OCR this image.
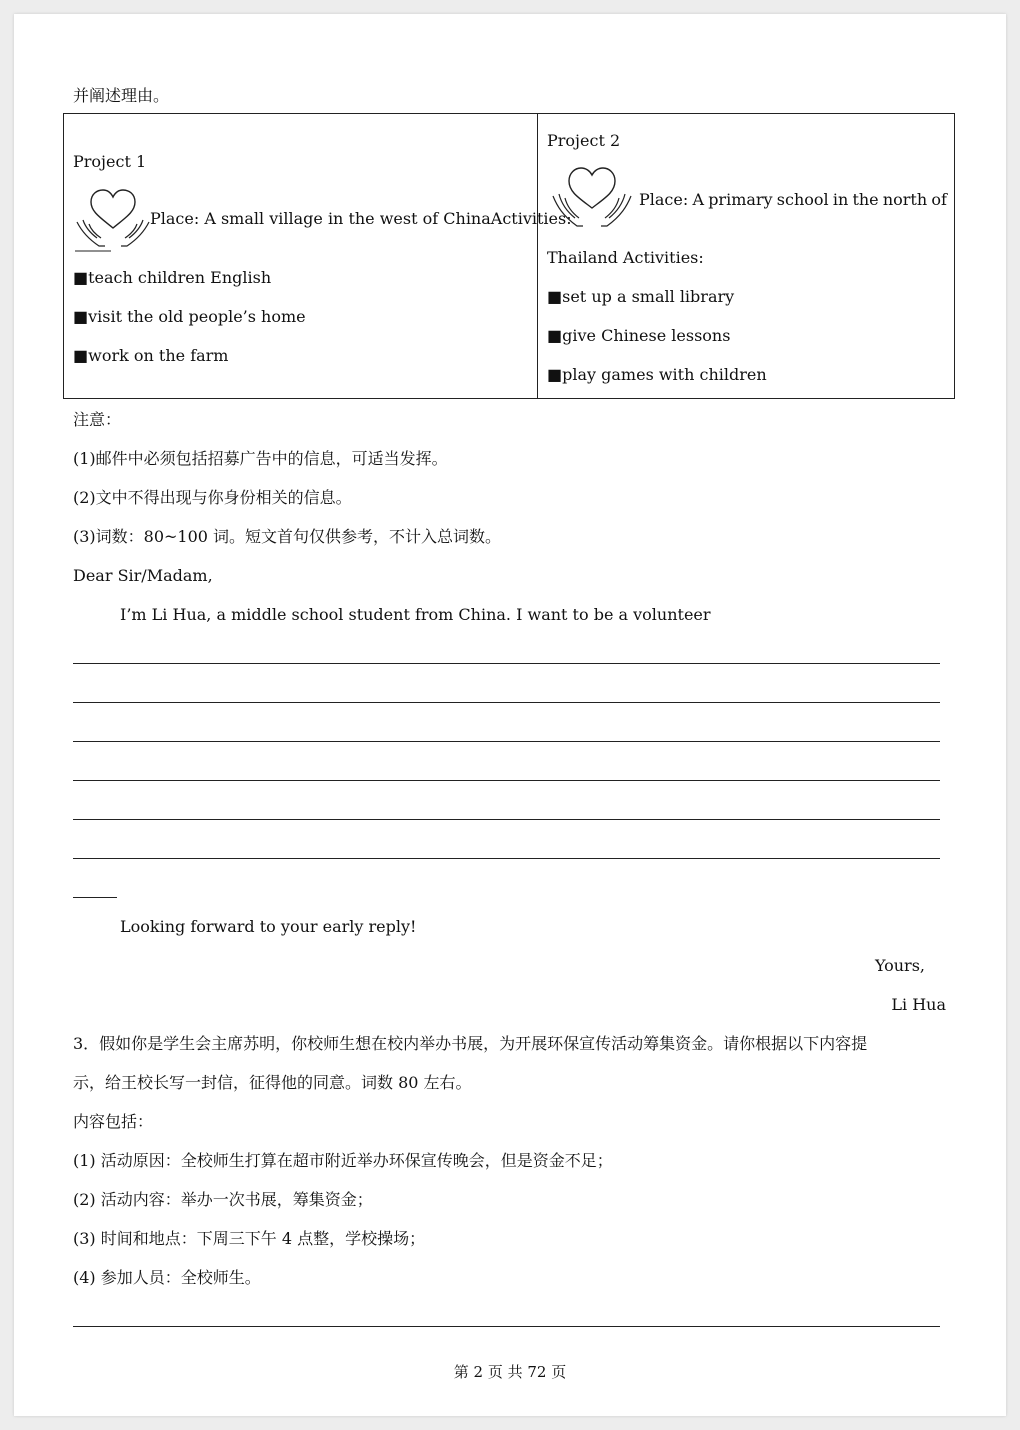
并阐述理由。
Project 1
Place: A small village in the west of ChinaActivities:
■teach children English
■visit the old people’s home
■work on the farm
Project 2
Place: A primary school in the north of
Thailand Activities:
■set up a small library
■give Chinese lessons
■play games with children
注意：
(1)邮件中必须包括招募广告中的信息，可适当发挥。
(2)文中不得出现与你身份相关的信息。
(3)词数：80~100 词。短文首句仅供参考，不计入总词数。
Dear Sir/Madam,
I’m Li Hua, a middle school student from China. I want to be a volunteer
Looking forward to your early reply!
Yours,
Li Hua
3．假如你是学生会主席苏明，你校师生想在校内举办书展，为开展环保宣传活动筹集资金。请你根据以下内容提
示，给王校长写一封信，征得他的同意。词数 80 左右。
内容包括：
(1) 活动原因：全校师生打算在超市附近举办环保宣传晚会，但是资金不足；
(2) 活动内容：举办一次书展，筹集资金；
(3) 时间和地点：下周三下午 4 点整，学校操场；
(4) 参加人员：全校师生。
第 2 页 共 72 页
